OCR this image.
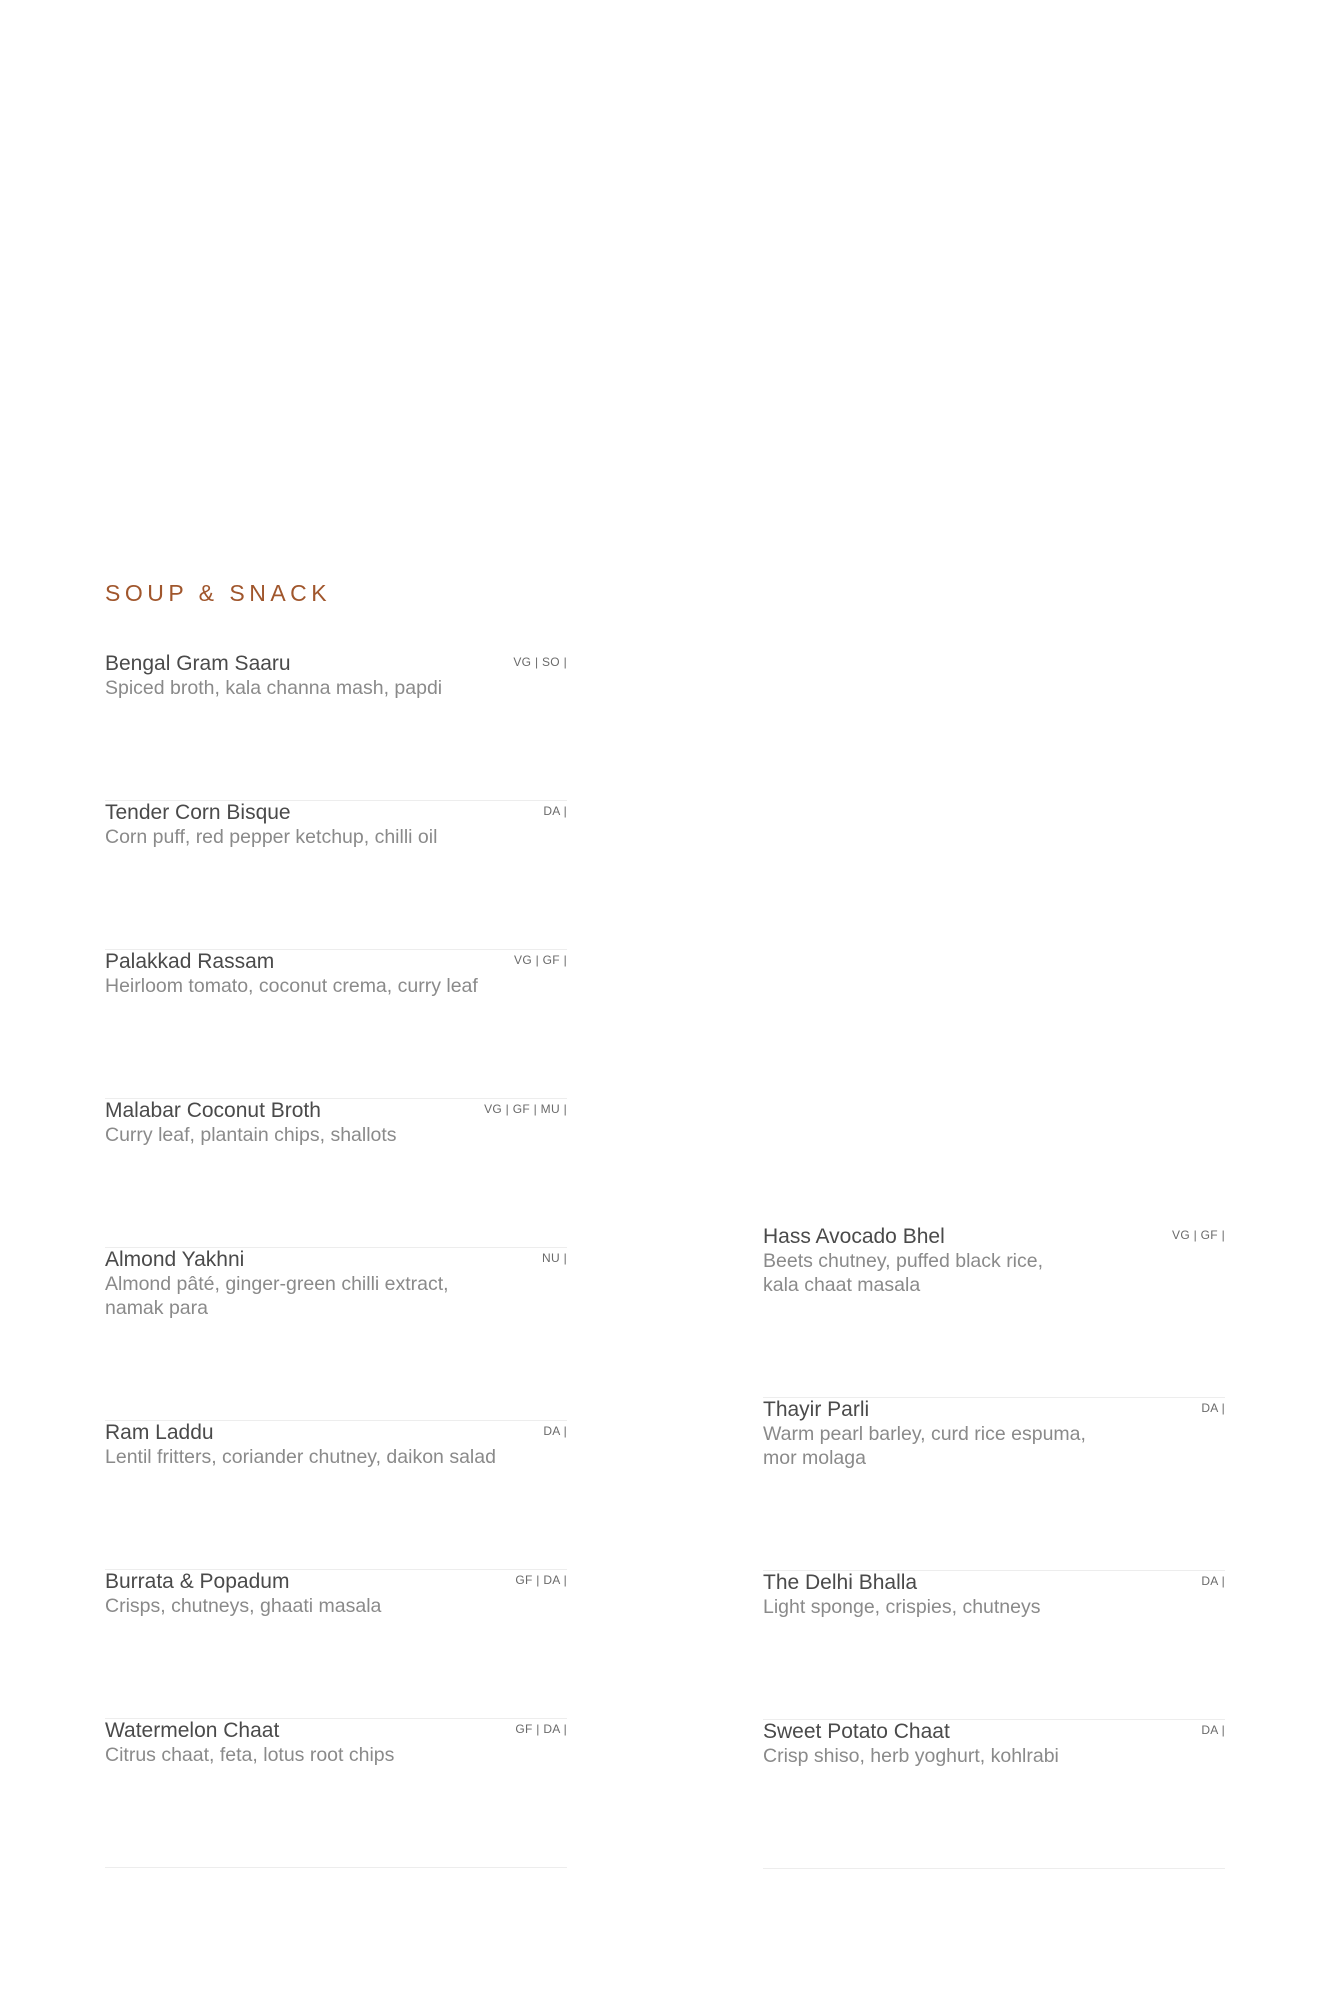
SOUP & SNACK
Bengal Gram Saaru
Spiced broth, kala channa mash, papdi
VG | SO |
Tender Corn Bisque
Corn puff, red pepper ketchup, chilli oil
DA |
Palakkad Rassam
Heirloom tomato, coconut crema, curry leaf
VG | GF |
Malabar Coconut Broth
Curry leaf, plantain chips, shallots
VG | GF | MU |
Almond Yakhni
Almond pâté, ginger-green chilli extract,
namak para
NU |
Ram Laddu
Lentil fritters, coriander chutney, daikon salad
DA |
Burrata & Popadum
Crisps, chutneys, ghaati masala
GF | DA |
Watermelon Chaat
Citrus chaat, feta, lotus root chips
GF | DA |
Hass Avocado Bhel
Beets chutney, puffed black rice,
kala chaat masala
VG | GF |
Thayir Parli
Warm pearl barley, curd rice espuma,
mor molaga
DA |
The Delhi Bhalla
Light sponge, crispies, chutneys
DA |
Sweet Potato Chaat
Crisp shiso, herb yoghurt, kohlrabi
DA |
